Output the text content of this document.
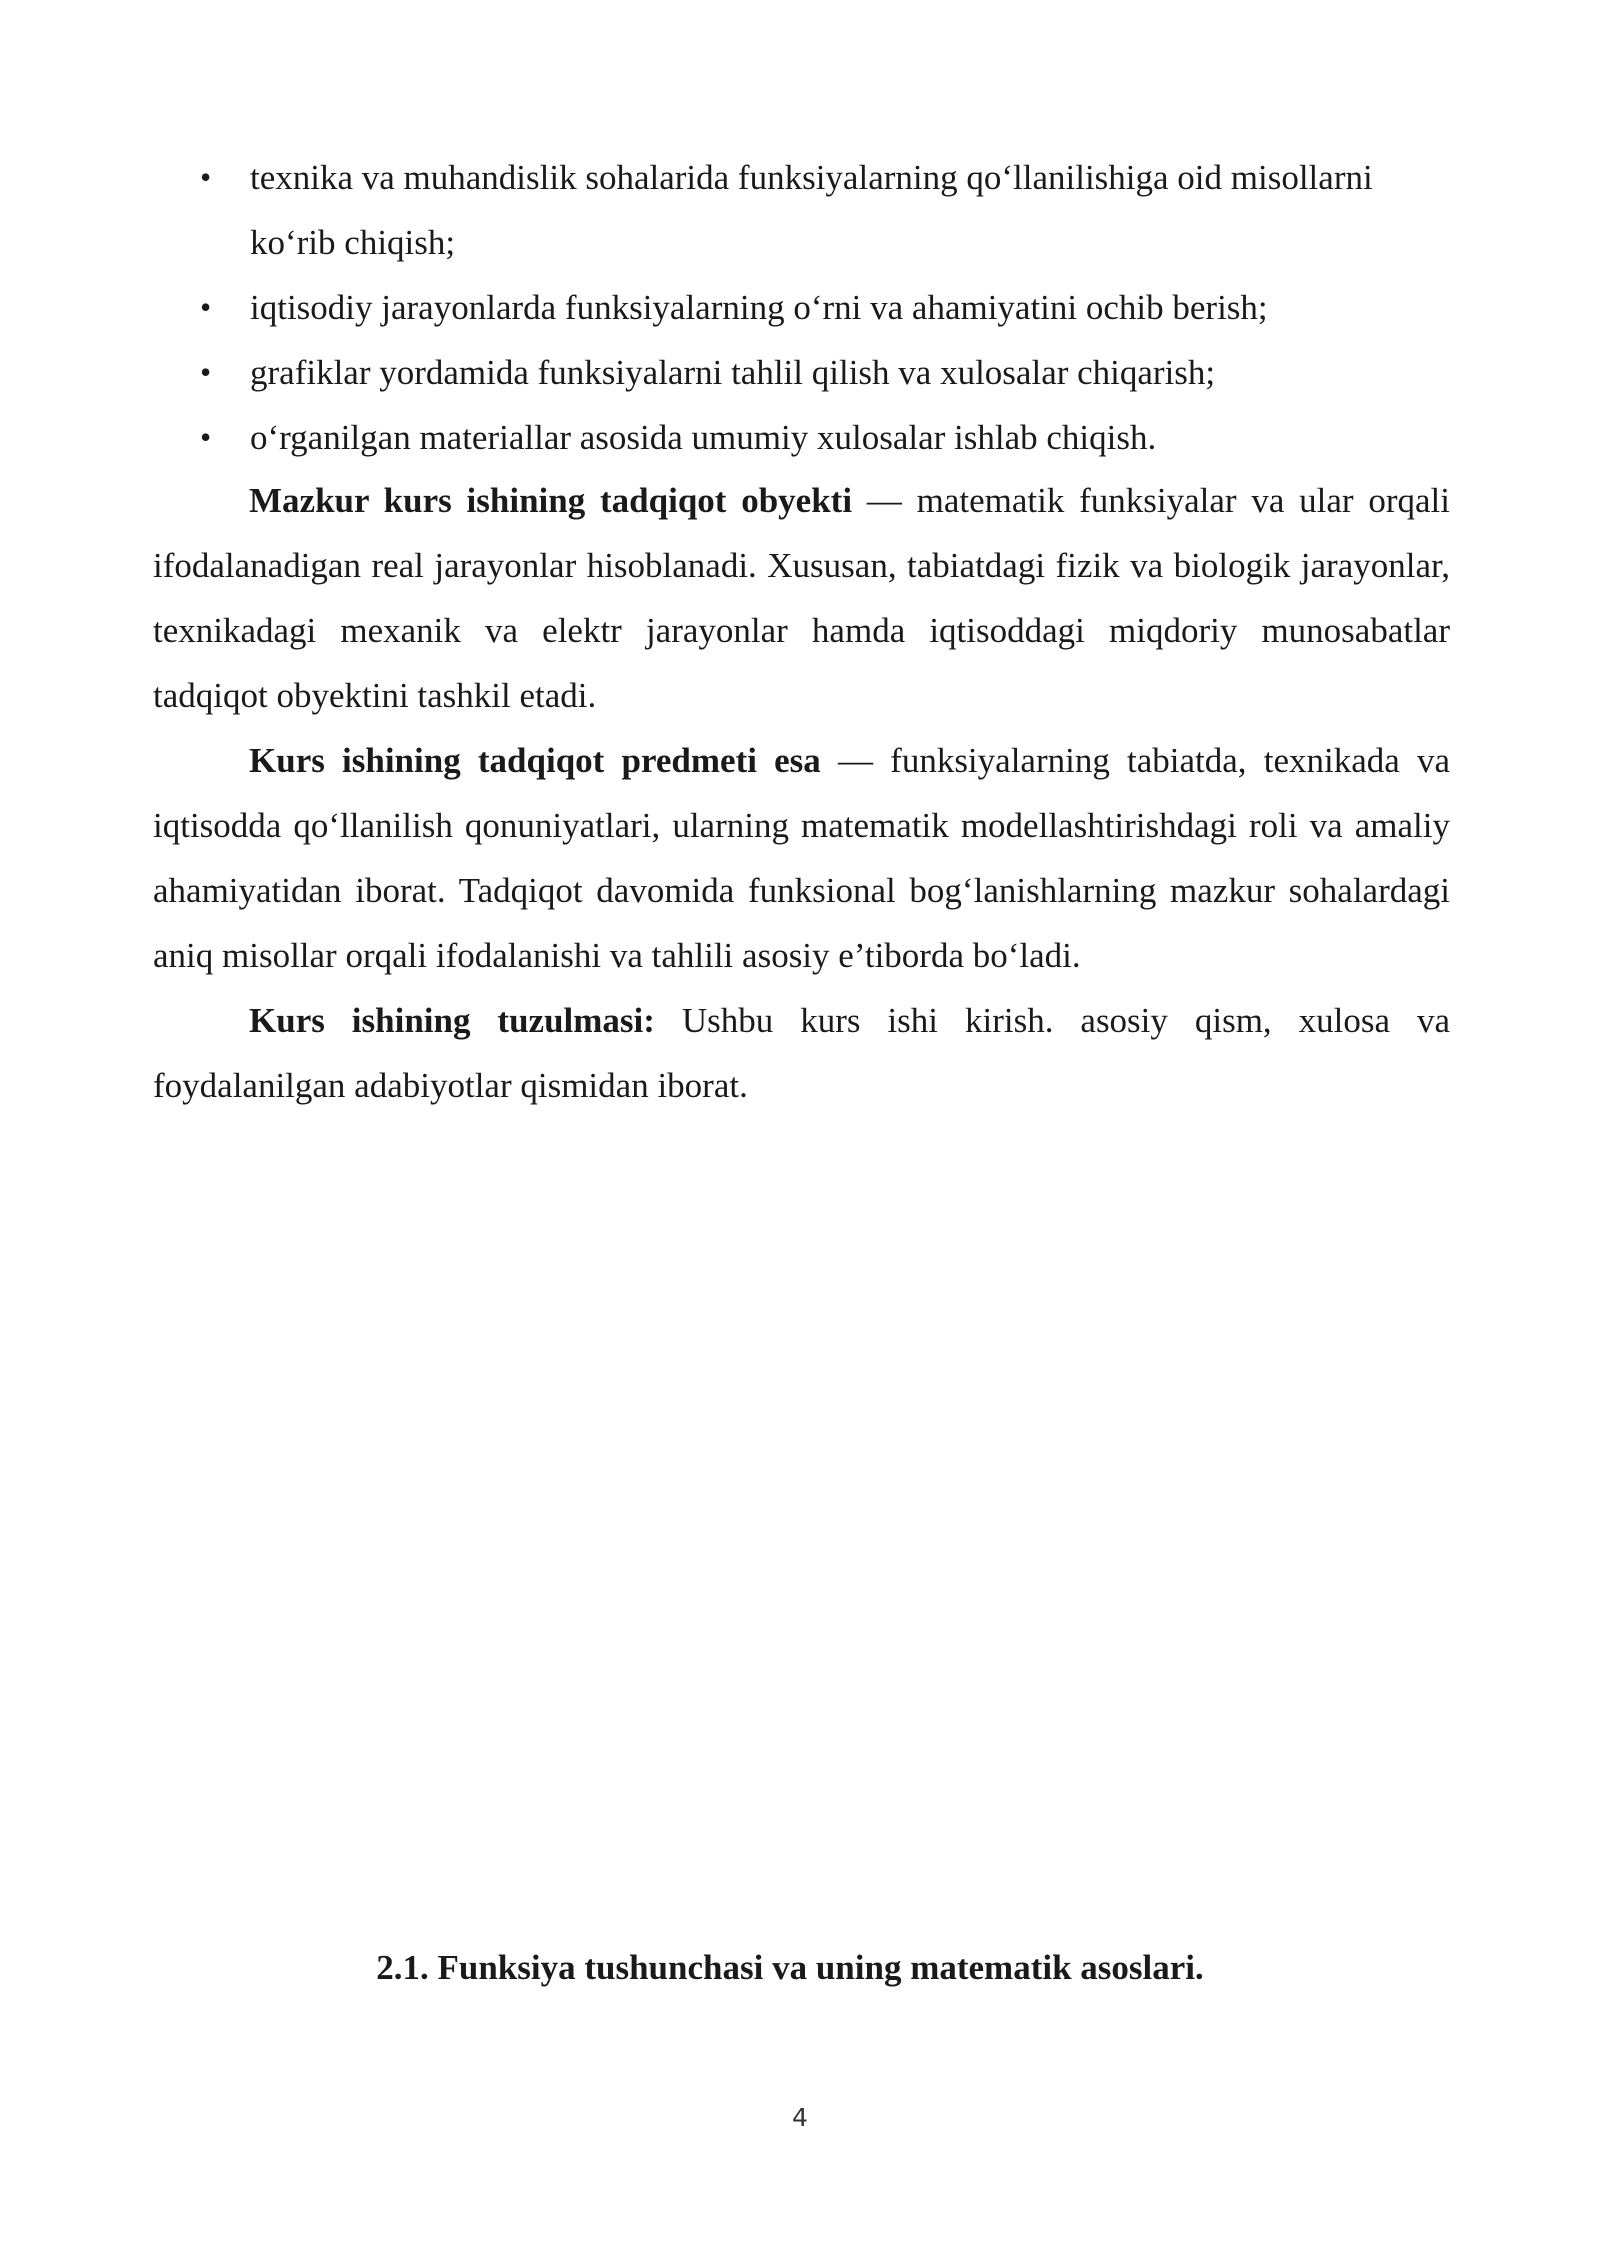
• texnika va muhandislik sohalarida funksiyalarning qo‘llanilishiga oid misollarni ko‘rib chiqish;
• iqtisodiy jarayonlarda funksiyalarning o‘rni va ahamiyatini ochib berish;
• grafiklar yordamida funksiyalarni tahlil qilish va xulosalar chiqarish;
• o‘rganilgan materiallar asosida umumiy xulosalar ishlab chiqish.

Mazkur kurs ishining tadqiqot obyekti — matematik funksiyalar va ular orqali ifodalanadigan real jarayonlar hisoblanadi. Xususan, tabiatdagi fizik va biologik jarayonlar, texnikadagi mexanik va elektr jarayonlar hamda iqtisoddagi miqdoriy munosabatlar tadqiqot obyektini tashkil etadi.

Kurs ishining tadqiqot predmeti esa — funksiyalarning tabiatda, texnikada va iqtisodda qo‘llanilish qonuniyatlari, ularning matematik modellashtirishdagi roli va amaliy ahamiyatidan iborat. Tadqiqot davomida funksional bog‘lanishlarning mazkur sohalardagi aniq misollar orqali ifodalanishi va tahlili asosiy e’tiborda bo‘ladi.

Kurs ishining tuzulmasi: Ushbu kurs ishi kirish. asosiy qism, xulosa va foydalanilgan adabiyotlar qismidan iborat.

2.1. Funksiya tushunchasi va uning matematik asoslari.
4
